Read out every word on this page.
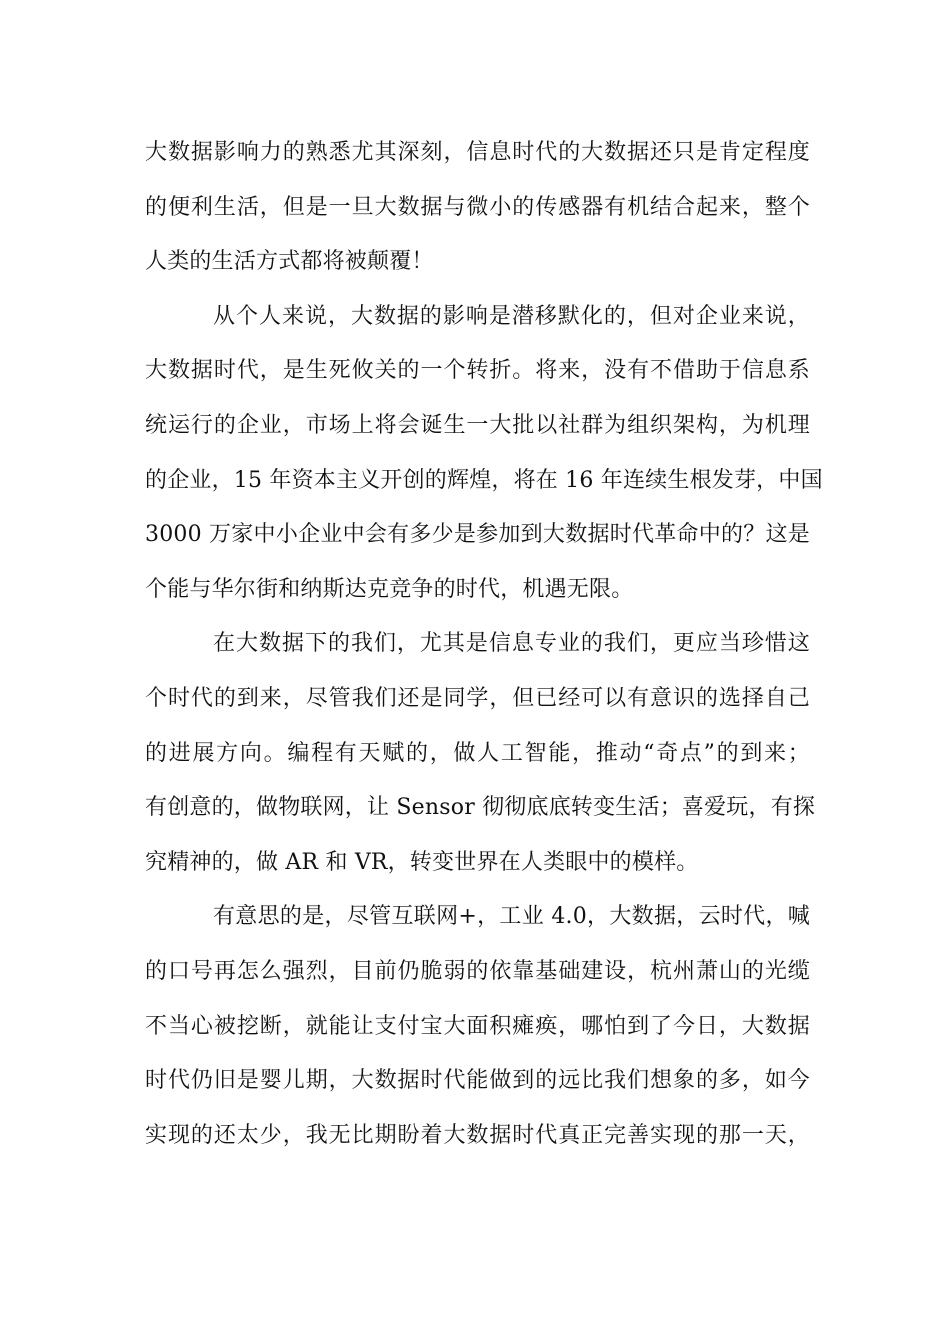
大数据影响力的熟悉尤其深刻，信息时代的大数据还只是肯定程度
的便利生活，但是一旦大数据与微小的传感器有机结合起来，整个
人类的生活方式都将被颠覆！
从个人来说，大数据的影响是潜移默化的，但对企业来说，
大数据时代，是生死攸关的一个转折。将来，没有不借助于信息系
统运行的企业，市场上将会诞生一大批以社群为组织架构，为机理
的企业，15 年资本主义开创的辉煌，将在 16 年连续生根发芽，中国
3000 万家中小企业中会有多少是参加到大数据时代革命中的？这是
个能与华尔街和纳斯达克竞争的时代，机遇无限。
在大数据下的我们，尤其是信息专业的我们，更应当珍惜这
个时代的到来，尽管我们还是同学，但已经可以有意识的选择自己
的进展方向。编程有天赋的，做人工智能，推动“奇点”的到来；
有创意的，做物联网，让 Sensor 彻彻底底转变生活；喜爱玩，有探
究精神的，做 AR 和 VR，转变世界在人类眼中的模样。
有意思的是，尽管互联网+，工业 4.0，大数据，云时代，喊
的口号再怎么强烈，目前仍脆弱的依靠基础建设，杭州萧山的光缆
不当心被挖断，就能让支付宝大面积瘫痪，哪怕到了今日，大数据
时代仍旧是婴儿期，大数据时代能做到的远比我们想象的多，如今
实现的还太少，我无比期盼着大数据时代真正完善实现的那一天，
